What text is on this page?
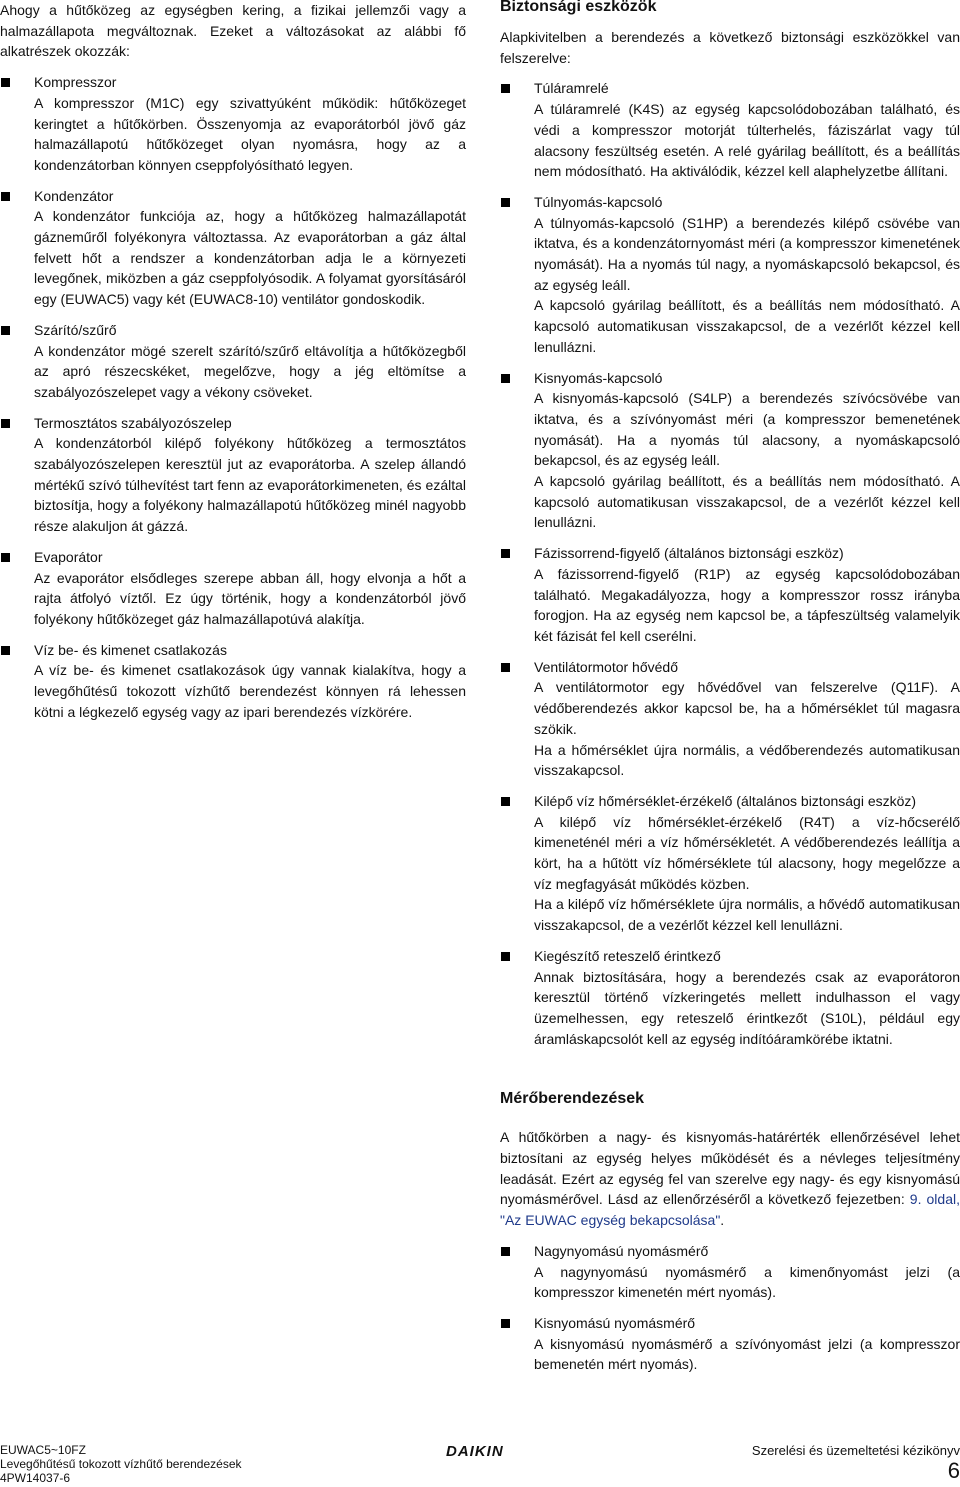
Ahogy a hűtőközeg az egységben kering, a fizikai jellemzői vagy a halmazállapota megváltoznak. Ezeket a változásokat az alábbi fő alkatrészek okozzák:

Kompresszor

A kompresszor (M1C) egy szivattyúként működik: hűtőközeget keringtet a hűtőkörben. Összenyomja az evaporátorból jövő gáz halmazállapotú hűtőközeget olyan nyomásra, hogy az a kondenzátorban könnyen cseppfolyósítható legyen.

Kondenzátor

A kondenzátor funkciója az, hogy a hűtőközeg halmazállapotát gázneműről folyékonyra változtassa. Az evaporátorban a gáz által felvett hőt a rendszer a kondenzátorban adja le a környezeti levegőnek, miközben a gáz cseppfolyósodik. A folyamat gyorsításáról egy (EUWAC5) vagy két (EUWAC8-10) ventilátor gondoskodik.

Szárító/szűrő

A kondenzátor mögé szerelt szárító/szűrő eltávolítja a hűtőközegből az apró részecskéket, megelőzve, hogy a jég eltömítse a szabályozószelepet vagy a vékony csöveket.

Termosztátos szabályozószelep

A kondenzátorból kilépő folyékony hűtőközeg a termosztátos szabályozószelepen keresztül jut az evaporátorba. A szelep állandó mértékű szívó túlhevítést tart fenn az evaporátorkimeneten, és ezáltal biztosítja, hogy a folyékony halmazállapotú hűtőközeg minél nagyobb része alakuljon át gázzá.

Evaporátor

Az evaporátor elsődleges szerepe abban áll, hogy elvonja a hőt a rajta átfolyó víztől. Ez úgy történik, hogy a kondenzátorból jövő folyékony hűtőközeget gáz halmazállapotúvá alakítja.

Víz be- és kimenet csatlakozás

A víz be- és kimenet csatlakozások úgy vannak kialakítva, hogy a levegőhűtésű tokozott vízhűtő berendezést könnyen rá lehessen kötni a légkezelő egység vagy az ipari berendezés vízkörére.

Biztonsági eszközök

Alapkivitelben a berendezés a következő biztonsági eszközökkel van felszerelve:

Túláramrelé

A túláramrelé (K4S) az egység kapcsolódobozában található, és védi a kompresszor motorját túlterhelés, fáziszárlat vagy túl alacsony feszültség esetén. A relé gyárilag beállított, és a beállítás nem módosítható. Ha aktiválódik, kézzel kell alaphelyzetbe állítani.

Túlnyomás-kapcsoló

A túlnyomás-kapcsoló (S1HP) a berendezés kilépő csövébe van iktatva, és a kondenzátornyomást méri (a kompresszor kimenetének nyomását). Ha a nyomás túl nagy, a nyomáskapcsoló bekapcsol, és az egység leáll.

A kapcsoló gyárilag beállított, és a beállítás nem módosítható. A kapcsoló automatikusan visszakapcsol, de a vezérlőt kézzel kell lenullázni.

Kisnyomás-kapcsoló

A kisnyomás-kapcsoló (S4LP) a berendezés szívócsövébe van iktatva, és a szívónyomást méri (a kompresszor bemenetének nyomását). Ha a nyomás túl alacsony, a nyomáskapcsoló bekapcsol, és az egység leáll.

A kapcsoló gyárilag beállított, és a beállítás nem módosítható. A kapcsoló automatikusan visszakapcsol, de a vezérlőt kézzel kell lenullázni.

Fázissorrend-figyelő (általános biztonsági eszköz)

A fázissorrend-figyelő (R1P) az egység kapcsolódobozában található. Megakadályozza, hogy a kompresszor rossz irányba forogjon. Ha az egység nem kapcsol be, a tápfeszültség valamelyik két fázisát fel kell cserélni.

Ventilátormotor hővédő

A ventilátormotor egy hővédővel van felszerelve (Q11F). A védőberendezés akkor kapcsol be, ha a hőmérséklet túl magasra szökik.

Ha a hőmérséklet újra normális, a védőberendezés automatikusan visszakapcsol.

Kilépő víz hőmérséklet-érzékelő (általános biztonsági eszköz)

A kilépő víz hőmérséklet-érzékelő (R4T) a víz-hőcserélő kimeneténél méri a víz hőmérsékletét. A védőberendezés leállítja a kört, ha a hűtött víz hőmérséklete túl alacsony, hogy megelőzze a víz megfagyását működés közben.

Ha a kilépő víz hőmérséklete újra normális, a hővédő automatikusan visszakapcsol, de a vezérlőt kézzel kell lenullázni.

Kiegészítő reteszelő érintkező

Annak biztosítására, hogy a berendezés csak az evaporátoron keresztül történő vízkeringetés mellett indulhasson el vagy üzemelhessen, egy reteszelő érintkezőt (S10L), például egy áramláskapcsolót kell az egység indítóáramkörébe iktatni.

Mérőberendezések

A hűtőkörben a nagy- és kisnyomás-határérték ellenőrzésével lehet biztosítani az egység helyes működését és a névleges teljesítmény leadását. Ezért az egység fel van szerelve egy nagy- és egy kisnyomású nyomásmérővel. Lásd az ellenőrzéséről a következő fejezetben: 9. oldal, "Az EUWAC egység bekapcsolása".

Nagynyomású nyomásmérő

A nagynyomású nyomásmérő a kimenőnyomást jelzi (a kompresszor kimenetén mért nyomás).

Kisnyomású nyomásmérő

A kisnyomású nyomásmérő a szívónyomást jelzi (a kompresszor bemenetén mért nyomás).

EUWAC5~10FZ
Levegőhűtésű tokozott vízhűtő berendezések
4PW14037-6
DAIKIN	Szerelési és üzemeltetési kézikönyv
6
